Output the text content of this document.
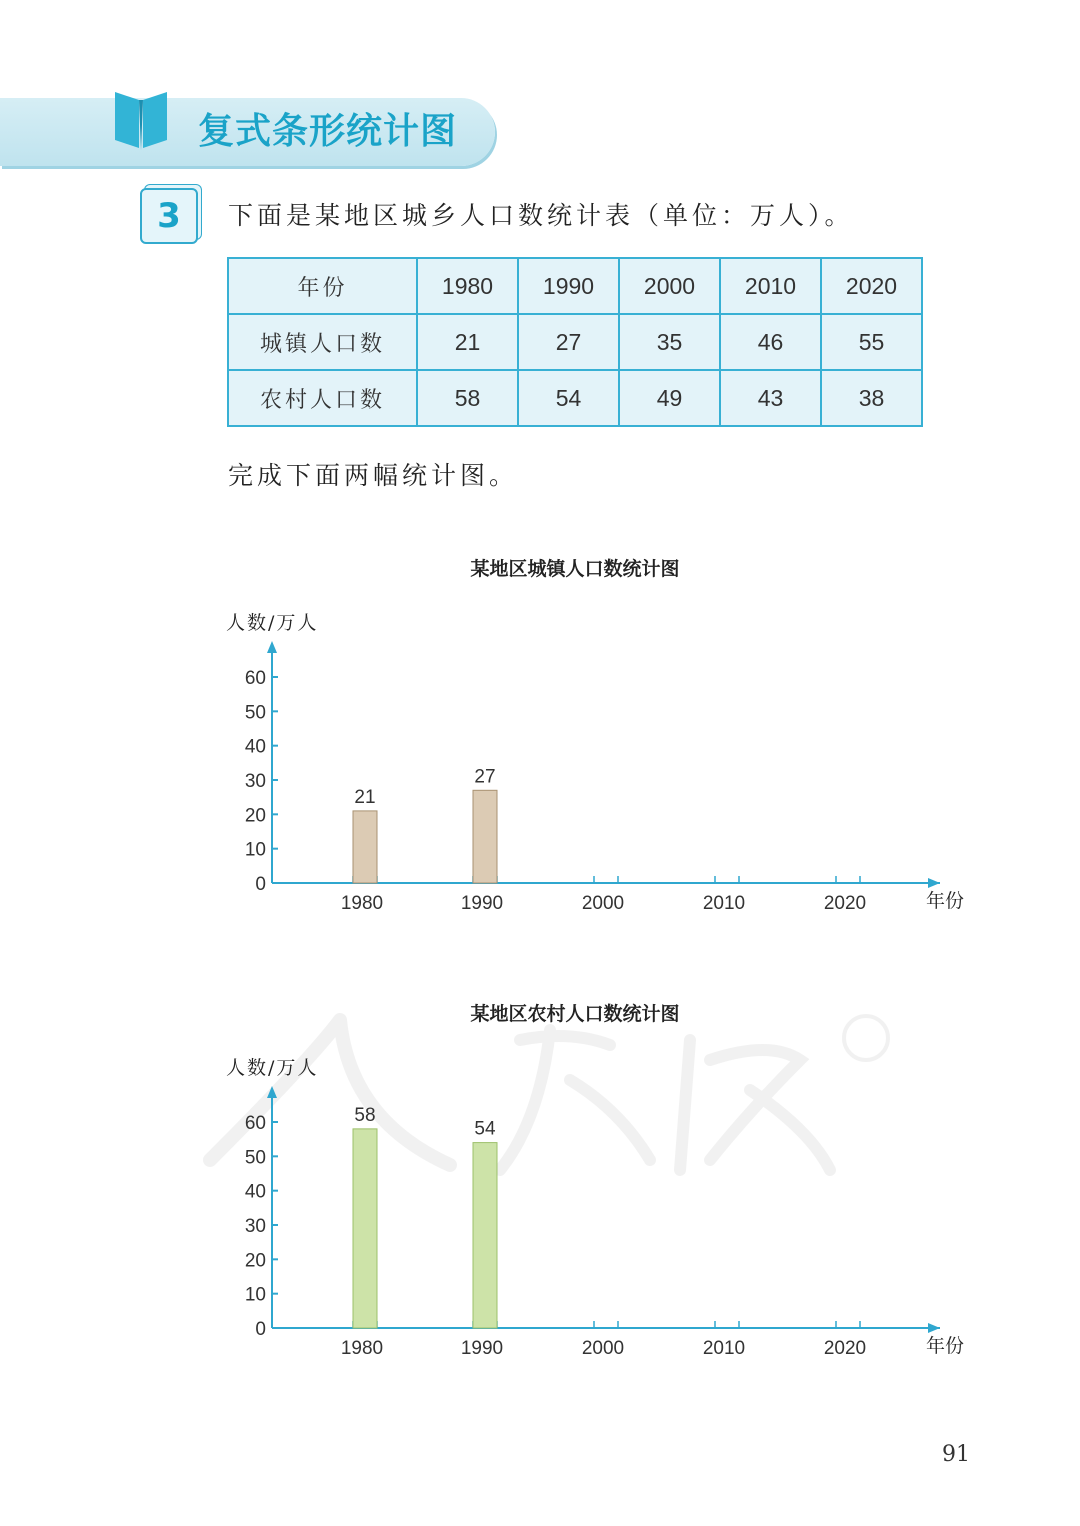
复式条形统计图
3	下面是某地区城乡人口数统计表（单位：万人）。
年份	1980	1990	2000	2010	2020
城镇人口数	21	27	35	46	55
农村人口数	58	54	49	43	38
完成下面两幅统计图。
某地区城镇人口数统计图
人数/万人
年份
0
10
20
30
40
50
60
1980	1990	2000	2010	2020
21
27
某地区农村人口数统计图
人数/万人
年份
0
10
20
30
40
50
60
1980	1990	2000	2010	2020
58
54
91
